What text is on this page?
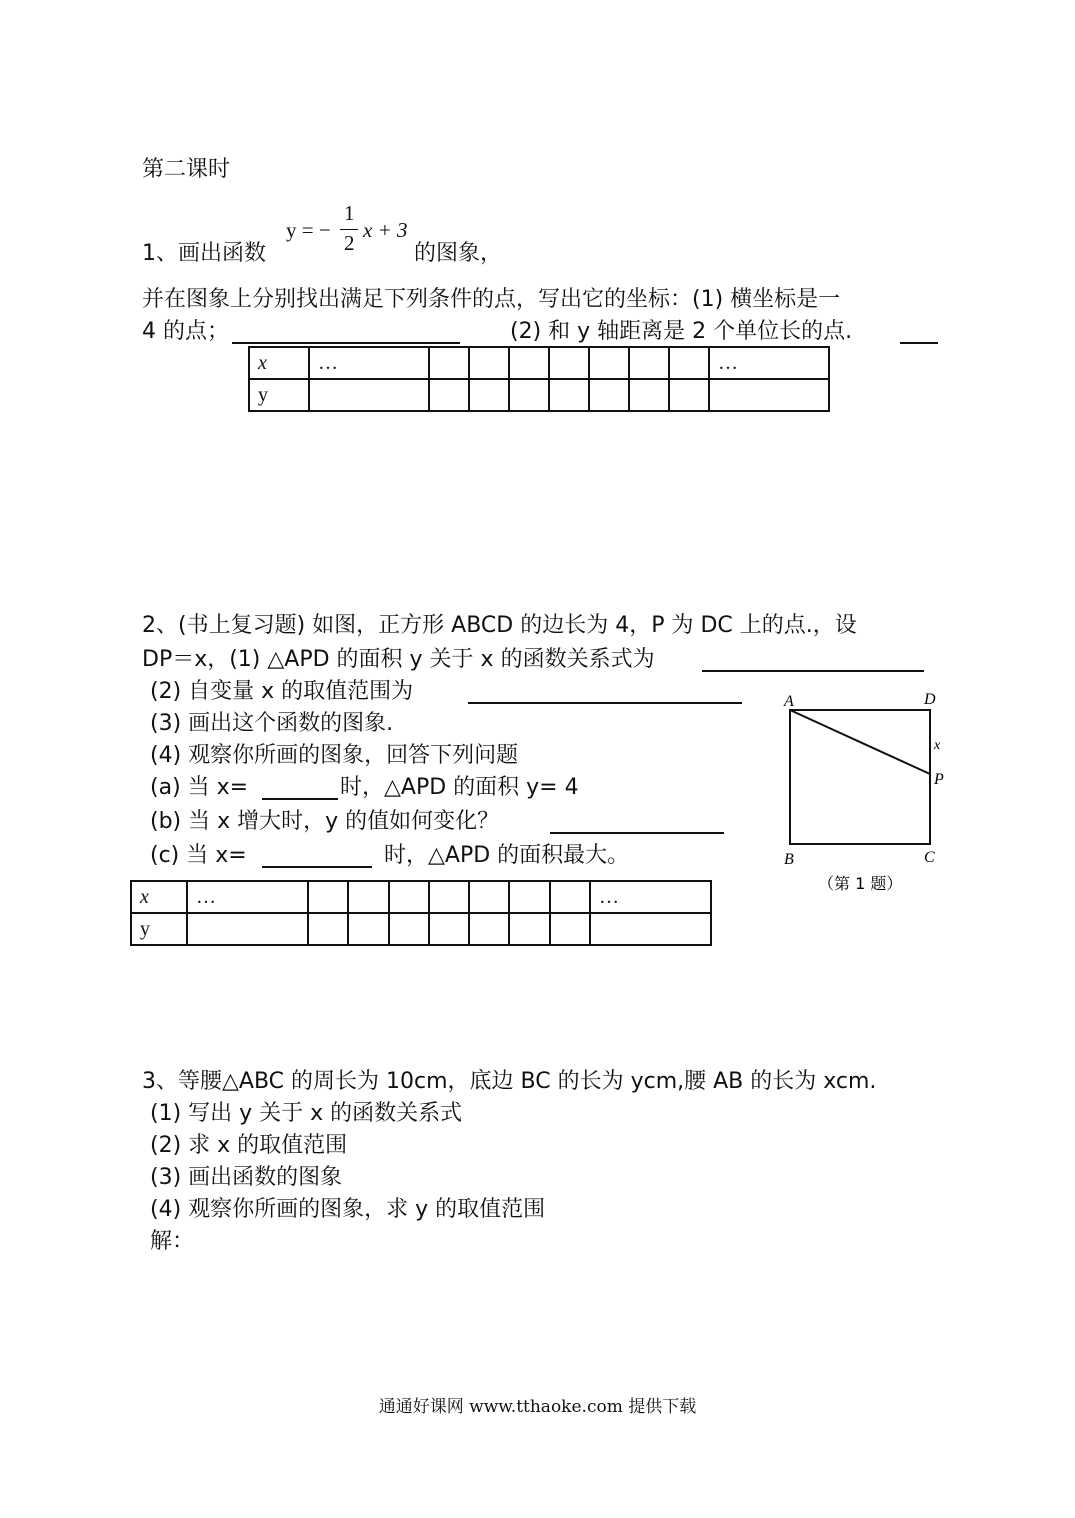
第二课时
1、画出函数
y = −
1
2
x + 3
的图象，
并在图象上分别找出满足下列条件的点，写出它的坐标：(1) 横坐标是一
4 的点；	(2) 和 y 轴距离是 2 个单位长的点.
x	…								…
y									
2、(书上复习题) 如图，正方形 ABCD 的边长为 4，P 为 DC 上的点.，设
DP＝x，(1) △APD 的面积 y 关于 x 的函数关系式为
(2) 自变量 x 的取值范围为
(3) 画出这个函数的图象.
(4) 观察你所画的图象，回答下列问题
(a) 当 x=	时，△APD 的面积 y= 4
(b) 当 x 增大时，y 的值如何变化？
(c) 当 x=	时，△APD 的面积最大。
A	D
B	C
P
x
（第 1 题）
x	…								…
y									
3、等腰△ABC 的周长为 10cm，底边 BC 的长为 ycm,腰 AB 的长为 xcm.
(1) 写出 y 关于 x 的函数关系式
(2) 求 x 的取值范围
(3) 画出函数的图象
(4) 观察你所画的图象，求 y 的取值范围
解：
通通好课网 www.tthaoke.com 提供下载
